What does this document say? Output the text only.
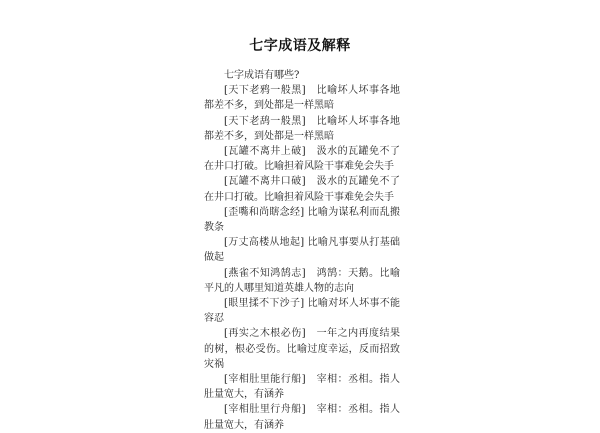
七字成语及解释

七字成语有哪些?

[天下老鸦一般黑]　比喻坏人坏事各地都差不多，到处都是一样黑暗

[天下老鸹一般黑]　比喻坏人坏事各地都差不多，到处都是一样黑暗

[瓦罐不离井上破]　汲水的瓦罐免不了在井口打破。比喻担着风险干事难免会失手

[瓦罐不离井口破]　汲水的瓦罐免不了在井口打破。比喻担着风险干事难免会失手

[歪嘴和尚瞎念经] 比喻为谋私利而乱搬教条

[万丈高楼从地起] 比喻凡事要从打基础做起

[燕雀不知鸿鹄志]　鸿鹄：天鹅。比喻平凡的人哪里知道英雄人物的志向

[眼里揉不下沙子] 比喻对坏人坏事不能容忍

[再实之木根必伤]　一年之内再度结果的树，根必受伤。比喻过度幸运，反而招致灾祸

[宰相肚里能行船]　宰相：丞相。指人肚量宽大，有涵养

[宰相肚里行舟船]　宰相：丞相。指人肚量宽大，有涵养
